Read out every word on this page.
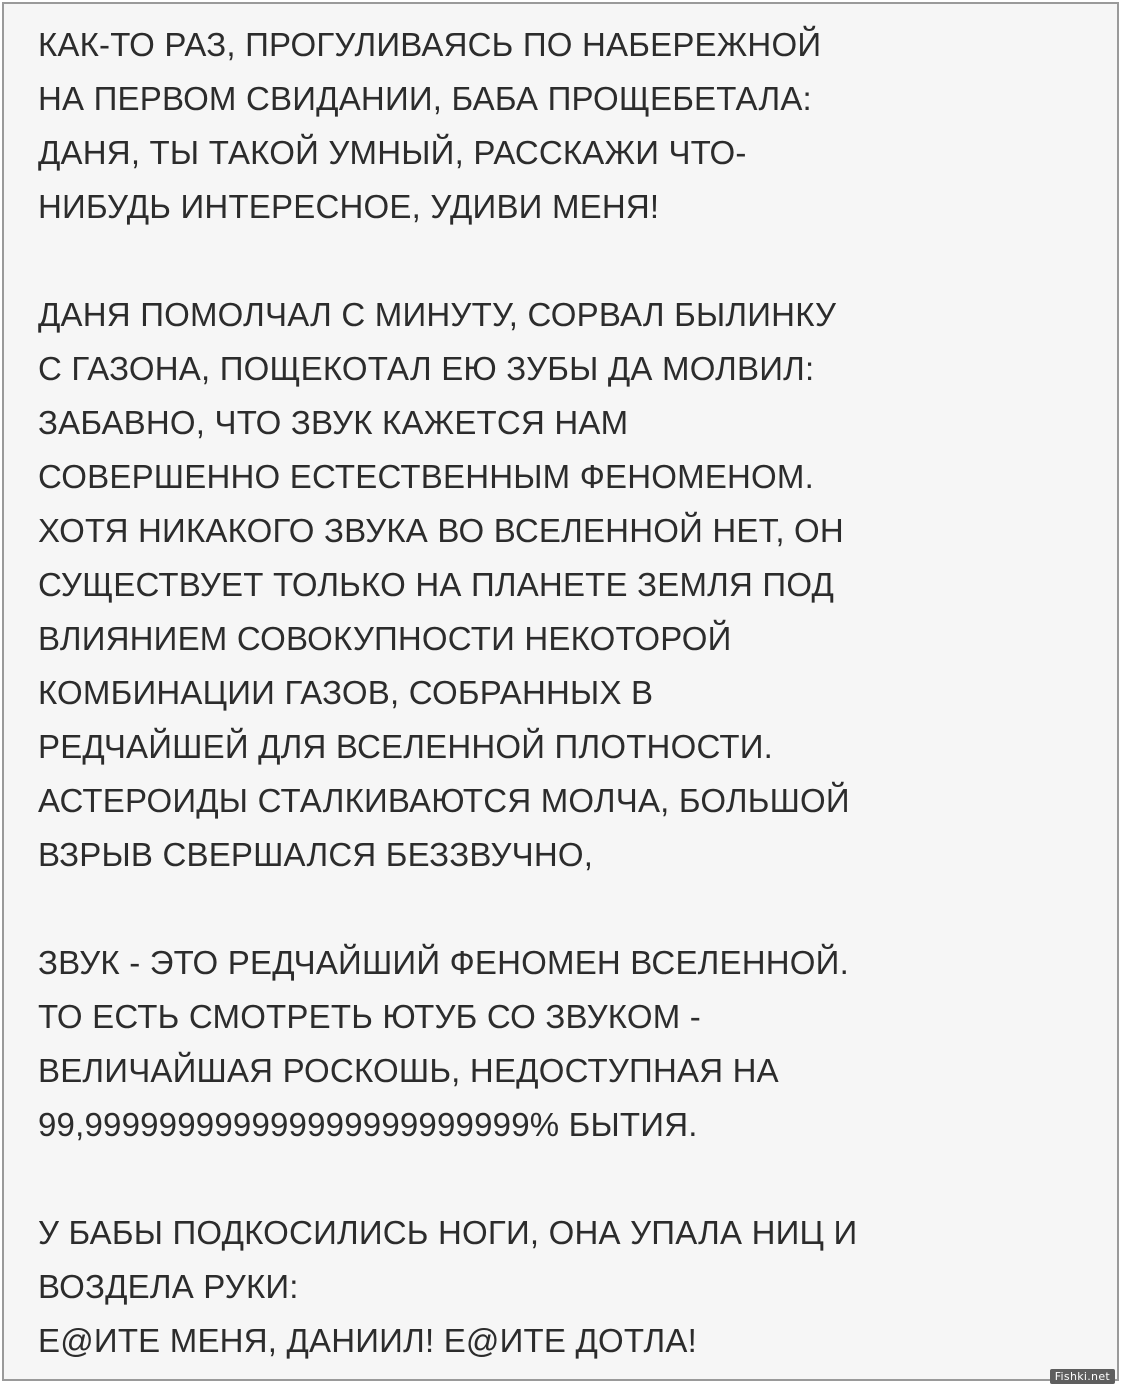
КАК-ТО РАЗ, ПРОГУЛИВАЯСЬ ПО НАБЕРЕЖНОЙ
НА ПЕРВОМ СВИДАНИИ, БАБА ПРОЩЕБЕТАЛА:
ДАНЯ, ТЫ ТАКОЙ УМНЫЙ, РАССКАЖИ ЧТО-
НИБУДЬ ИНТЕРЕСНОЕ, УДИВИ МЕНЯ!
ДАНЯ ПОМОЛЧАЛ С МИНУТУ, СОРВАЛ БЫЛИНКУ
С ГАЗОНА, ПОЩЕКОТАЛ ЕЮ ЗУБЫ ДА МОЛВИЛ:
ЗАБАВНО, ЧТО ЗВУК КАЖЕТСЯ НАМ
СОВЕРШЕННО ЕСТЕСТВЕННЫМ ФЕНОМЕНОМ.
ХОТЯ НИКАКОГО ЗВУКА ВО ВСЕЛЕННОЙ НЕТ, ОН
СУЩЕСТВУЕТ ТОЛЬКО НА ПЛАНЕТЕ ЗЕМЛЯ ПОД
ВЛИЯНИЕМ СОВОКУПНОСТИ НЕКОТОРОЙ
КОМБИНАЦИИ ГАЗОВ, СОБРАННЫХ В
РЕДЧАЙШЕЙ ДЛЯ ВСЕЛЕННОЙ ПЛОТНОСТИ.
АСТЕРОИДЫ СТАЛКИВАЮТСЯ МОЛЧА, БОЛЬШОЙ
ВЗРЫВ СВЕРШАЛСЯ БЕЗЗВУЧНО,
ЗВУК - ЭТО РЕДЧАЙШИЙ ФЕНОМЕН ВСЕЛЕННОЙ.
ТО ЕСТЬ СМОТРЕТЬ ЮТУБ СО ЗВУКОМ -
ВЕЛИЧАЙШАЯ РОСКОШЬ, НЕДОСТУПНАЯ НА
99,999999999999999999999999% БЫТИЯ.
У БАБЫ ПОДКОСИЛИСЬ НОГИ, ОНА УПАЛА НИЦ И
ВОЗДЕЛА РУКИ:
Е@ИТЕ МЕНЯ, ДАНИИЛ! Е@ИТЕ ДОТЛА!
Fishki.net
